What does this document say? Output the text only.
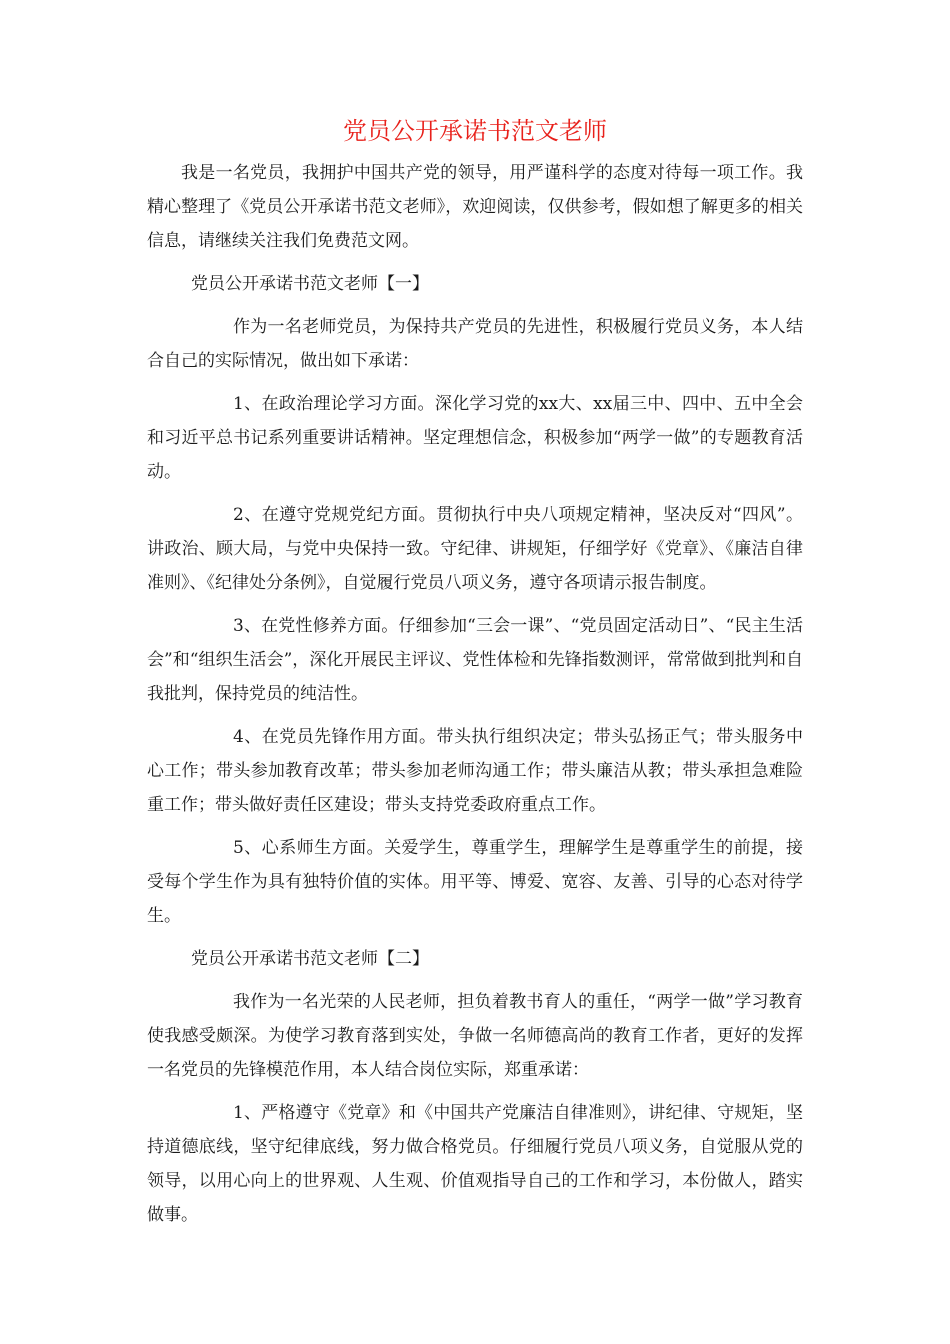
党员公开承诺书范文老师

我是一名党员，我拥护中国共产党的领导，用严谨科学的态度对待每一项工作。我精心整理了《党员公开承诺书范文老师》，欢迎阅读，仅供参考，假如想了解更多的相关信息，请继续关注我们免费范文网。

党员公开承诺书范文老师【一】

作为一名老师党员，为保持共产党员的先进性，积极履行党员义务，本人结合自己的实际情况，做出如下承诺：

1、在政治理论学习方面。深化学习党的xx大、xx届三中、四中、五中全会和习近平总书记系列重要讲话精神。坚定理想信念，积极参加“两学一做”的专题教育活动。

2、在遵守党规党纪方面。贯彻执行中央八项规定精神，坚决反对“四风”。讲政治、顾大局，与党中央保持一致。守纪律、讲规矩，仔细学好《党章》、《廉洁自律准则》、《纪律处分条例》，自觉履行党员八项义务，遵守各项请示报告制度。

3、在党性修养方面。仔细参加“三会一课”、“党员固定活动日”、“民主生活会”和“组织生活会”，深化开展民主评议、党性体检和先锋指数测评，常常做到批判和自我批判，保持党员的纯洁性。

4、在党员先锋作用方面。带头执行组织决定；带头弘扬正气；带头服务中心工作；带头参加教育改革；带头参加老师沟通工作；带头廉洁从教；带头承担急难险重工作；带头做好责任区建设；带头支持党委政府重点工作。

5、心系师生方面。关爱学生，尊重学生，理解学生是尊重学生的前提，接受每个学生作为具有独特价值的实体。用平等、博爱、宽容、友善、引导的心态对待学生。

党员公开承诺书范文老师【二】

我作为一名光荣的人民老师，担负着教书育人的重任，“两学一做”学习教育使我感受颇深。为使学习教育落到实处，争做一名师德高尚的教育工作者，更好的发挥一名党员的先锋模范作用，本人结合岗位实际，郑重承诺：

1、严格遵守《党章》和《中国共产党廉洁自律准则》，讲纪律、守规矩，坚持道德底线，坚守纪律底线，努力做合格党员。仔细履行党员八项义务，自觉服从党的领导，以用心向上的世界观、人生观、价值观指导自己的工作和学习，本份做人，踏实做事。
